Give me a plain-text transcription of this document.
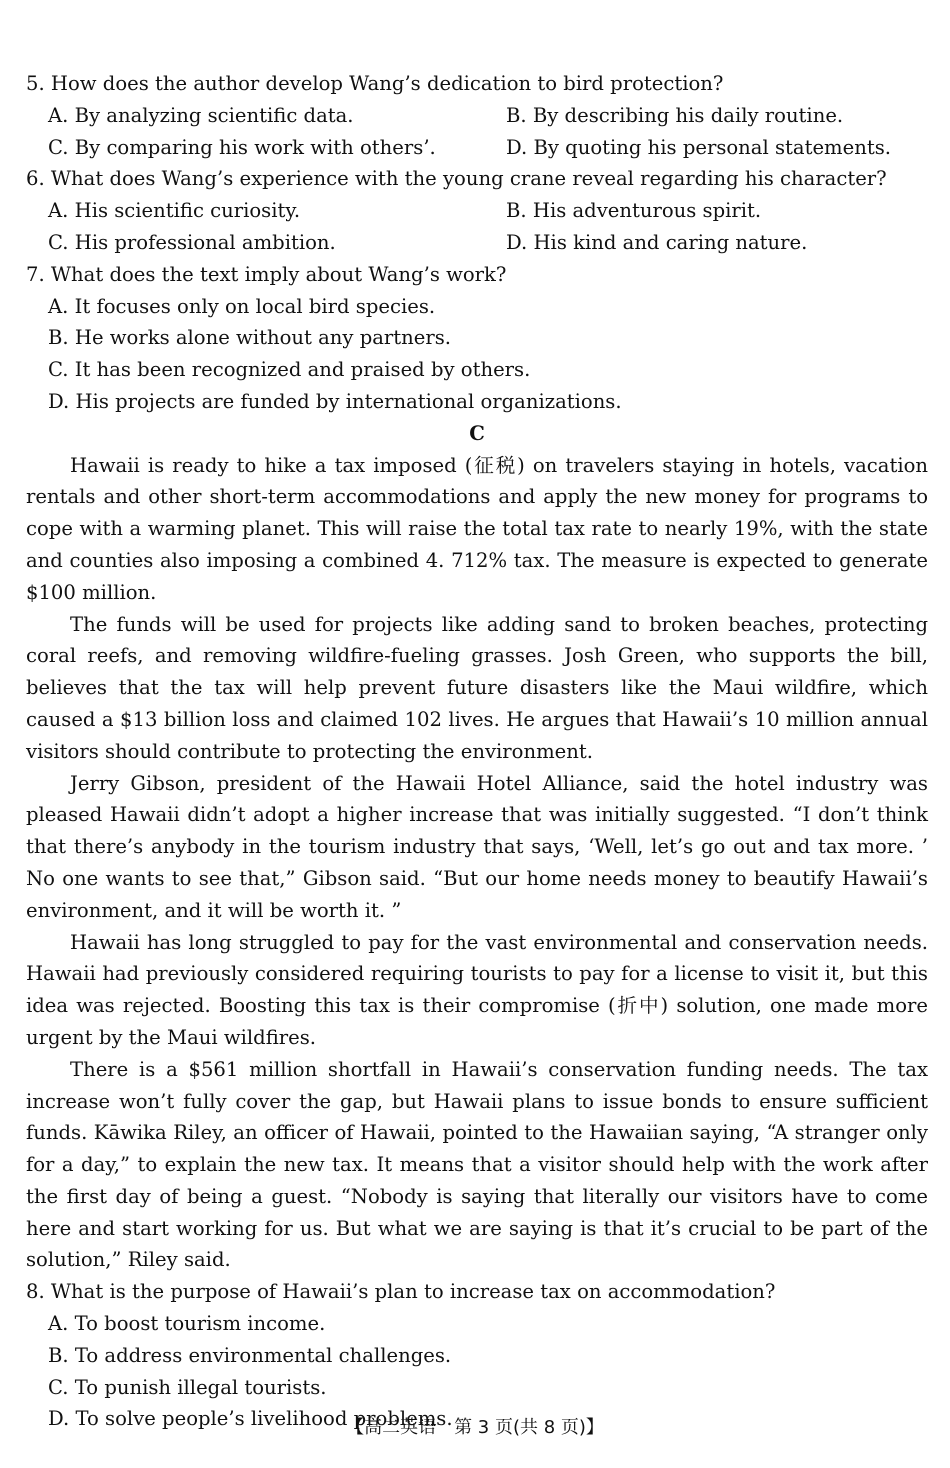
5. How does the author develop Wang’s dedication to bird protection?

A. By analyzing scientific data.	B. By describing his daily routine.
C. By comparing his work with others’.	D. By quoting his personal statements.

6. What does Wang’s experience with the young crane reveal regarding his character?

A. His scientific curiosity.	B. His adventurous spirit.
C. His professional ambition.	D. His kind and caring nature.

7. What does the text imply about Wang’s work?

A. It focuses only on local bird species.
B. He works alone without any partners.
C. It has been recognized and praised by others.
D. His projects are funded by international organizations.

C

Hawaii is ready to hike a tax imposed (征税) on travelers staying in hotels, vacation rentals and other short-term accommodations and apply the new money for programs to cope with a warming planet. This will raise the total tax rate to nearly 19%, with the state and counties also imposing a combined 4. 712% tax. The measure is expected to generate $100 million.

The funds will be used for projects like adding sand to broken beaches, protecting coral reefs, and removing wildfire-fueling grasses. Josh Green, who supports the bill, believes that the tax will help prevent future disasters like the Maui wildfire, which caused a $13 billion loss and claimed 102 lives. He argues that Hawaii’s 10 million annual visitors should contribute to protecting the environment.

Jerry Gibson, president of the Hawaii Hotel Alliance, said the hotel industry was pleased Hawaii didn’t adopt a higher increase that was initially suggested. “I don’t think that there’s anybody in the tourism industry that says, ‘Well, let’s go out and tax more. ’ No one wants to see that,” Gibson said. “But our home needs money to beautify Hawaii’s environment, and it will be worth it. ”

Hawaii has long struggled to pay for the vast environmental and conservation needs. Hawaii had previously considered requiring tourists to pay for a license to visit it, but this idea was rejected. Boosting this tax is their compromise (折中) solution, one made more urgent by the Maui wildfires.

There is a $561 million shortfall in Hawaii’s conservation funding needs. The tax increase won’t fully cover the gap, but Hawaii plans to issue bonds to ensure sufficient funds. Kāwika Riley, an officer of Hawaii, pointed to the Hawaiian saying, “A stranger only for a day,” to explain the new tax. It means that a visitor should help with the work after the first day of being a guest. “Nobody is saying that literally our visitors have to come here and start working for us. But what we are saying is that it’s crucial to be part of the solution,” Riley said.

8. What is the purpose of Hawaii’s plan to increase tax on accommodation?

A. To boost tourism income.
B. To address environmental challenges.
C. To punish illegal tourists.
D. To solve people’s livelihood problems.
【高二英语　第 3 页(共 8 页)】
